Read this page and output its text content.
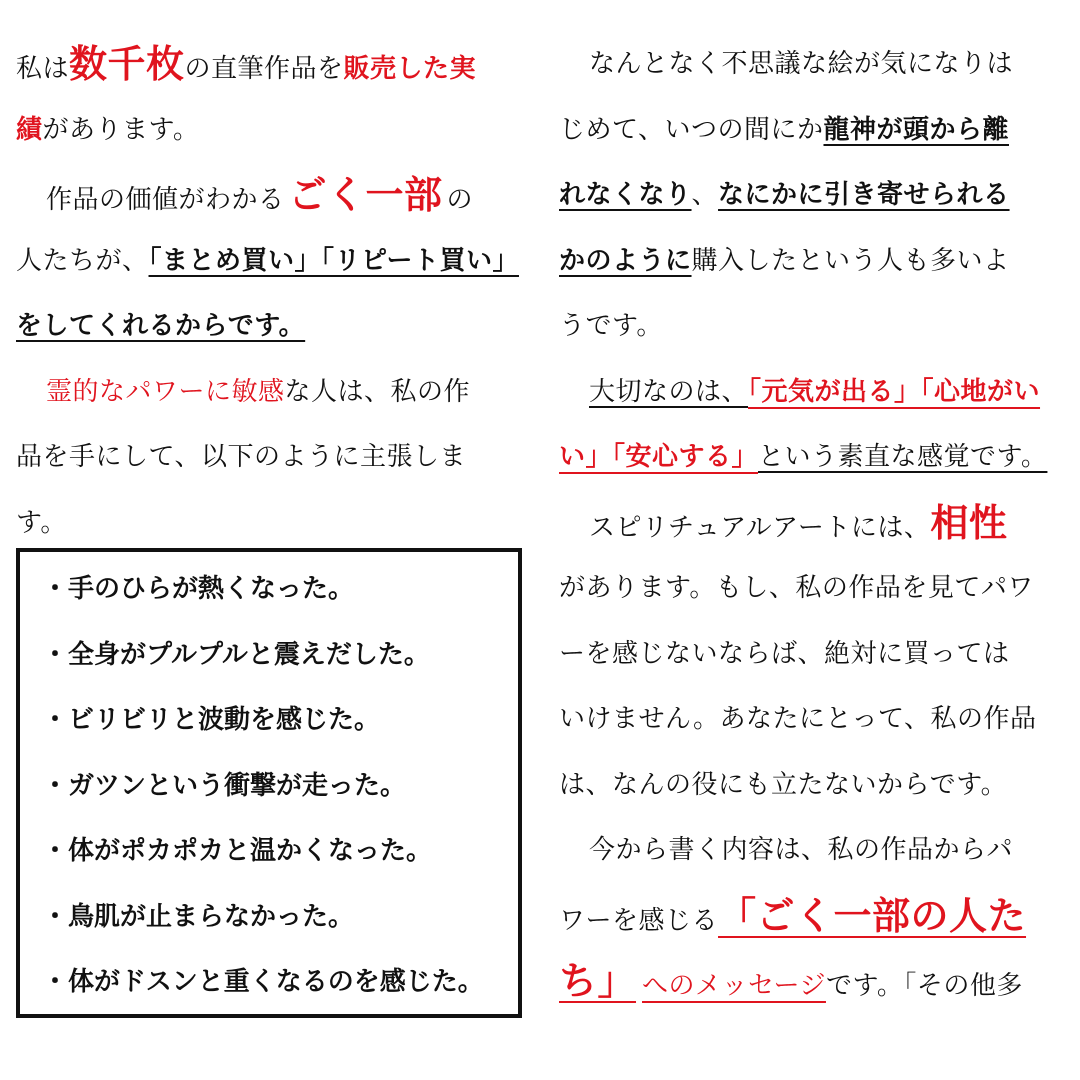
私は数千枚の直筆作品を販売した実
績があります。
作品の価値がわかる ごく一部 の
人たちが、「まとめ買い」「リピート買い」
をしてくれるからです。
霊的なパワーに敏感な人は、私の作
品を手にして、以下のように主張しま
す。
・手のひらが熱くなった。
・全身がプルプルと震えだした。
・ビリビリと波動を感じた。
・ガツンという衝撃が走った。
・体がポカポカと温かくなった。
・鳥肌が止まらなかった。
・体がドスンと重くなるのを感じた。
なんとなく不思議な絵が気になりは
じめて、いつの間にか龍神が頭から離
れなくなり、なにかに引き寄せられる
かのように購入したという人も多いよ
うです。
大切なのは、「元気が出る」「心地がい
い」「安心する」という素直な感覚です。
スピリチュアルアートには、相性
があります。もし、私の作品を見てパワ
ーを感じないならば、絶対に買っては
いけません。あなたにとって、私の作品
は、なんの役にも立たないからです。
今から書く内容は、私の作品からパ
ワーを感じる「ごく一部の人た
ち」 へのメッセージです。「その他多
